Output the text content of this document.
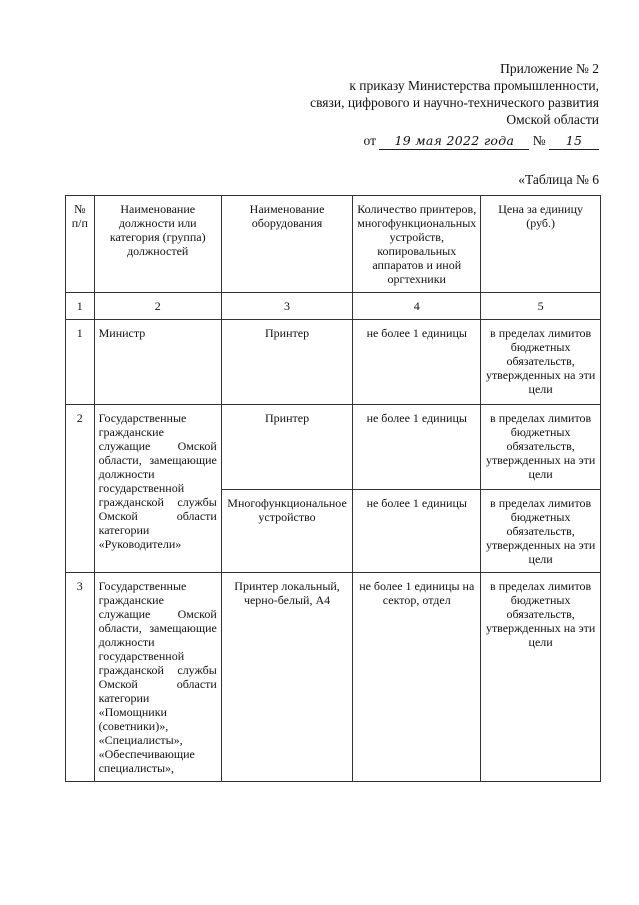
Приложение № 2
к приказу Министерства промышленности,
связи, цифрового и научно-технического развития
Омской области
от 19 мая 2022 года № 15
«Таблица № 6
№ п/п	Наименование должности или категория (группа) должностей	Наименование оборудования	Количество принтеров, многофункциональных устройств, копировальных аппаратов и иной оргтехники	Цена за единицу (руб.)
1	2	3	4	5
1	Министр	Принтер	не более 1 единицы	в пределах лимитов бюджетных обязательств, утвержденных на эти цели
2	Государственные гражданские служащие Омской области, замещающие должности государственной гражданской службы Омской области категории «Руководители»	Принтер	не более 1 единицы	в пределах лимитов бюджетных обязательств, утвержденных на эти цели
		Многофункциональное устройство	не более 1 единицы	в пределах лимитов бюджетных обязательств, утвержденных на эти цели
3	Государственные гражданские служащие Омской области, замещающие должности государственной гражданской службы Омской области категории «Помощники (советники)», «Специалисты», «Обеспечивающие специалисты»,	Принтер локальный, черно-белый, А4	не более 1 единицы на сектор, отдел	в пределах лимитов бюджетных обязательств, утвержденных на эти цели
